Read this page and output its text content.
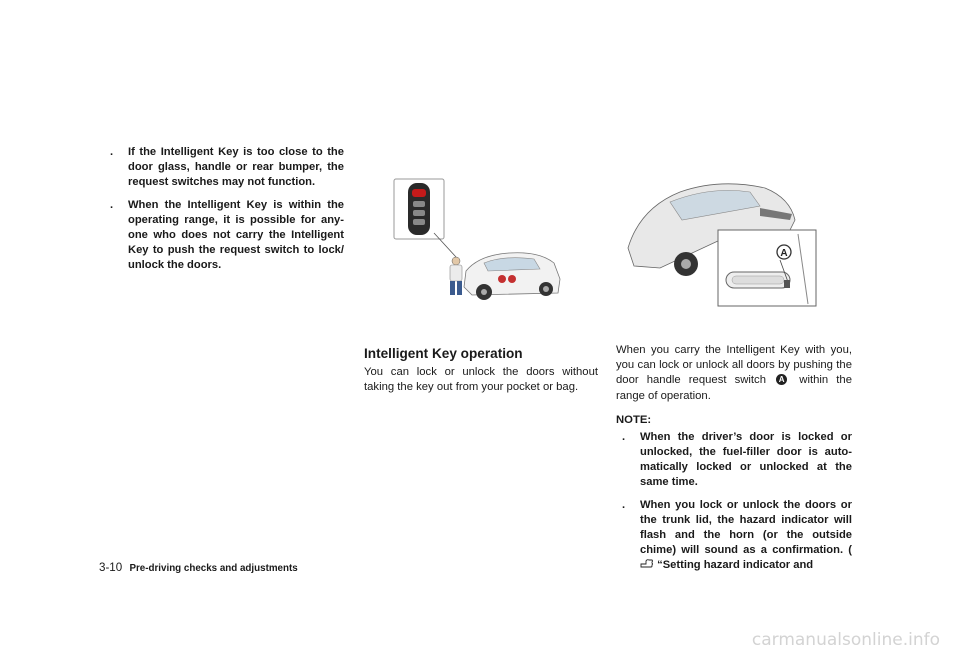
. If the Intelligent Key is too close to the door glass, handle or rear bumper, the request switches may not function.
. When the Intelligent Key is within the operating range, it is possible for any-one who does not carry the Intelligent Key to push the request switch to lock/ unlock the doors.
A
Intelligent Key operation
You can lock or unlock the doors without taking the key out from your pocket or bag.
When you carry the Intelligent Key with you, you can lock or unlock all doors by pushing the door handle request switch A within the range of operation.
NOTE:
. When the driver’s door is locked or unlocked, the fuel-filler door is auto-matically locked or unlocked at the same time.
. When you lock or unlock the doors or the trunk lid, the hazard indicator will flash and the horn (or the outside chime) will sound as a confirmation. (  “Setting hazard indicator and
3-10 Pre-driving checks and adjustments
carmanualsonline.info
